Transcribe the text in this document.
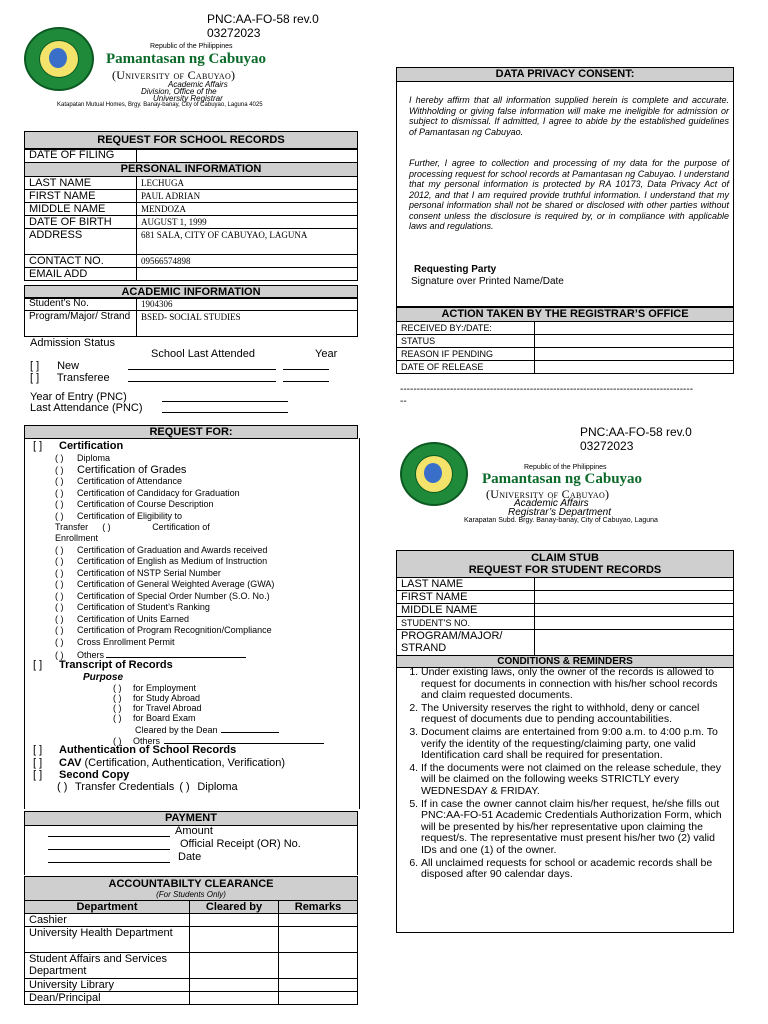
PNC:AA-FO-58 rev.0
03272023
Republic of the Philippines
Pamantasan ng Cabuyao
(University of Cabuyao)
Academic Affairs
Division, Office of the
University Registrar
Katapatan Mutual Homes, Brgy. Banay-banay, City of Cabuyao, Laguna 4025
REQUEST FOR SCHOOL RECORDS
DATE OF FILING	
PERSONAL INFORMATION
LAST NAME	LECHUGA
FIRST NAME	PAUL ADRIAN
MIDDLE NAME	MENDOZA
DATE OF BIRTH	AUGUST 1, 1999
ADDRESS	681 SALA, CITY OF CABUYAO, LAGUNA
CONTACT NO.	09566574898
EMAIL ADD	
ACADEMIC INFORMATION
Student’s No.	1904306
Program/Major/ Strand	BSED- SOCIAL STUDIES
Admission Status
School Last Attended	Year
[ ] New
[ ] Transferee
Year of Entry (PNC)
Last Attendance (PNC)
REQUEST FOR:
[ ] Certification
( ) Diploma
( ) Certification of Grades
( ) Certification of Attendance
( ) Certification of Candidacy for Graduation
( ) Certification of Course Description
( ) Certification of Eligibility to
Transfer ( )	Certification of
Enrollment
( ) Certification of Graduation and Awards received
( ) Certification of English as Medium of Instruction
( ) Certification of NSTP Serial Number
( ) Certification of General Weighted Average (GWA)
( ) Certification of Special Order Number (S.O. No.)
( ) Certification of Student’s Ranking
( ) Certification of Units Earned
( ) Certification of Program Recognition/Compliance
( ) Cross Enrollment Permit
( ) Others
[ ] Transcript of Records
Purpose
( ) for Employment
( ) for Study Abroad
( ) for Travel Abroad
( ) for Board Exam
Cleared by the Dean
( ) Others
[ ] Authentication of School Records
[ ] CAV (Certification, Authentication, Verification)
[ ] Second Copy
( ) Transfer Credentials ( ) Diploma
PAYMENT
Amount
Official Receipt (OR) No.
Date
ACCOUNTABILTY CLEARANCE
(For Students Only)
Department	Cleared by	Remarks
Cashier		
University Health Department		
Student Affairs and Services Department		
University Library		
Dean/Principal		
DATA PRIVACY CONSENT:
I hereby affirm that all information supplied herein is complete and accurate. Withholding or giving false information will make me ineligible for admission or subject to dismissal. If admitted, I agree to abide by the established guidelines of Pamantasan ng Cabuyao.
Further, I agree to collection and processing of my data for the purpose of processing request for school records at Pamantasan ng Cabuyao. I understand that my personal information is protected by RA 10173, Data Privacy Act of 2012, and that I am required provide truthful information. I understand that my personal information shall not be shared or disclosed with other parties without consent unless the disclosure is required by, or in compliance with applicable laws and regulations.
Requesting Party
Signature over Printed Name/Date
ACTION TAKEN BY THE REGISTRAR’S OFFICE
RECEIVED BY:/DATE:	
STATUS	
REASON IF PENDING	
DATE OF RELEASE	
----------------------------------------------------------------------------------------
--
PNC:AA-FO-58 rev.0
03272023
Republic of the Philippines
Pamantasan ng Cabuyao
(University of Cabuyao)
Academic Affairs
Registrar’s Department
Karapatan Subd. Brgy. Banay-banay, City of Cabuyao, Laguna
CLAIM STUB
REQUEST FOR STUDENT RECORDS
LAST NAME	
FIRST NAME	
MIDDLE NAME	
STUDENT’S NO.	
PROGRAM/MAJOR/ STRAND	
CONDITIONS & REMINDERS
1. Under existing laws, only the owner of the records is allowed to request for documents in connection with his/her school records and claim requested documents.
2. The University reserves the right to withhold, deny or cancel request of documents due to pending accountabilities.
3. Document claims are entertained from 9:00 a.m. to 4:00 p.m. To verify the identity of the requesting/claiming party, one valid Identification card shall be required for presentation.
4. If the documents were not claimed on the release schedule, they will be claimed on the following weeks STRICTLY every WEDNESDAY & FRIDAY.
5. If in case the owner cannot claim his/her request, he/she fills out PNC:AA-FO-51 Academic Credentials Authorization Form, which will be presented by his/her representative upon claiming the request/s. The representative must present his/her two (2) valid IDs and one (1) of the owner.
6. All unclaimed requests for school or academic records shall be disposed after 90 calendar days.
